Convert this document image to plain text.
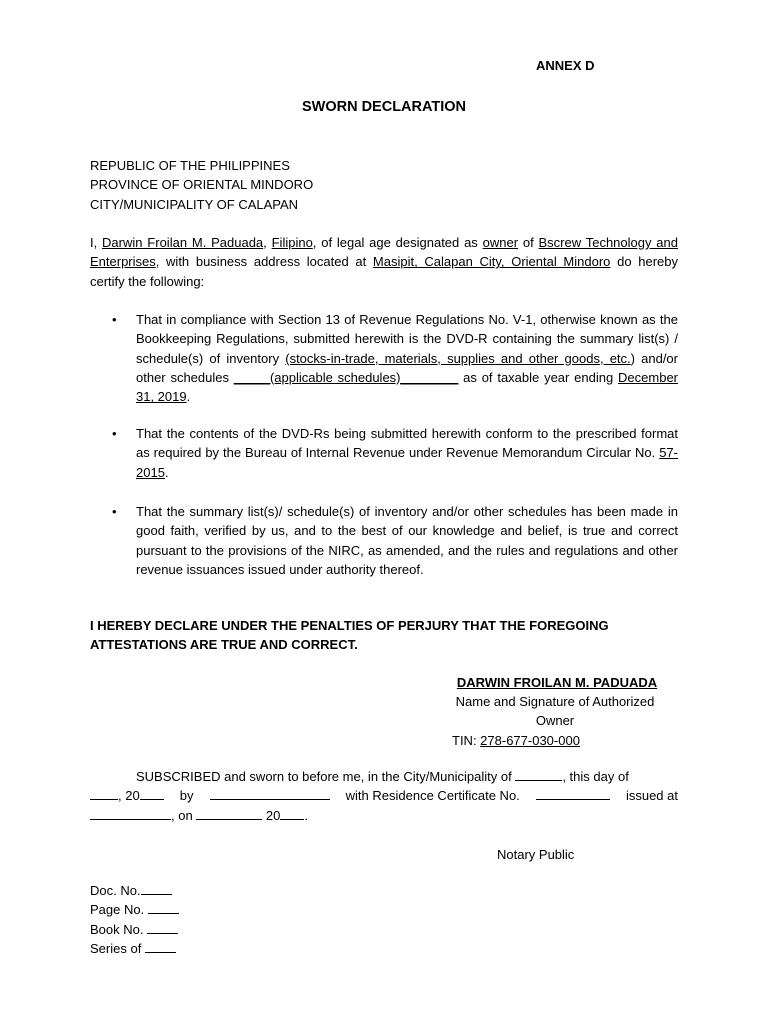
ANNEX D
SWORN DECLARATION
REPUBLIC OF THE PHILIPPINES
PROVINCE OF ORIENTAL MINDORO
CITY/MUNICIPALITY OF CALAPAN
I, Darwin Froilan M. Paduada, Filipino, of legal age designated as owner of Bscrew Technology and Enterprises, with business address located at Masipit, Calapan City, Oriental Mindoro do hereby certify the following:
• That in compliance with Section 13 of Revenue Regulations No. V-1, otherwise known as the Bookkeeping Regulations, submitted herewith is the DVD-R containing the summary list(s) / schedule(s) of inventory (stocks-in-trade, materials, supplies and other goods, etc.) and/or other schedules _____(applicable schedules)________ as of taxable year ending December 31, 2019.
• That the contents of the DVD-Rs being submitted herewith conform to the prescribed format as required by the Bureau of Internal Revenue under Revenue Memorandum Circular No. 57-2015.
• That the summary list(s)/ schedule(s) of inventory and/or other schedules has been made in good faith, verified by us, and to the best of our knowledge and belief, is true and correct pursuant to the provisions of the NIRC, as amended, and the rules and regulations and other revenue issuances issued under authority thereof.
I HEREBY DECLARE UNDER THE PENALTIES OF PERJURY THAT THE FOREGOING ATTESTATIONS ARE TRUE AND CORRECT.
DARWIN FROILAN M. PADUADA
Name and Signature of Authorized Owner
TIN: 278-677-030-000
SUBSCRIBED and sworn to before me, in the City/Municipality of	, this day of
, 20	by	with Residence Certificate No.	issued at
, on	20 .
Notary Public
Doc. No.
Page No.
Book No.
Series of
